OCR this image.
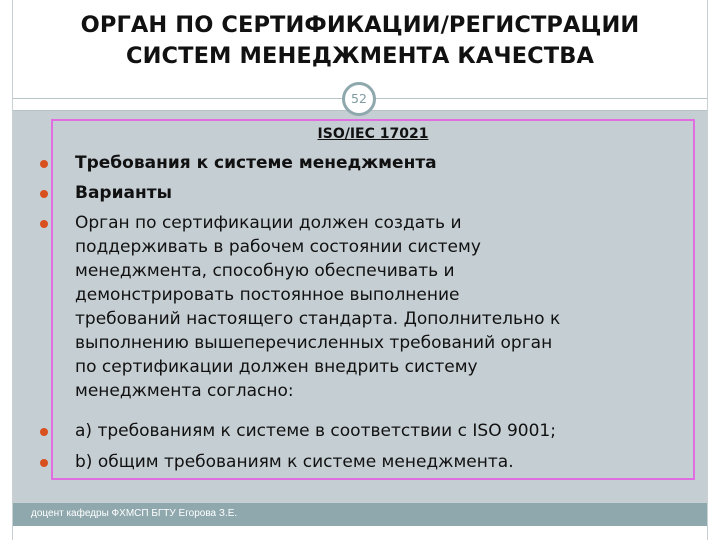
ОРГАН ПО СЕРТИФИКАЦИИ/РЕГИСТРАЦИИ
СИСТЕМ МЕНЕДЖМЕНТА КАЧЕСТВА
ISO/IEC 17021
Требования к системе менеджмента
Варианты
Орган по сертификации должен создать и
поддерживать в рабочем состоянии систему
менеджмента, способную обеспечивать и
демонстрировать постоянное выполнение
требований настоящего стандарта. Дополнительно к
выполнению вышеперечисленных требований орган
по сертификации должен внедрить систему
менеджмента согласно:
а) требованиям к системе в соответствии с ISO 9001;
b) общим требованиям к системе менеджмента.
52
доцент кафедры ФХМСП БГТУ Егорова З.Е.
